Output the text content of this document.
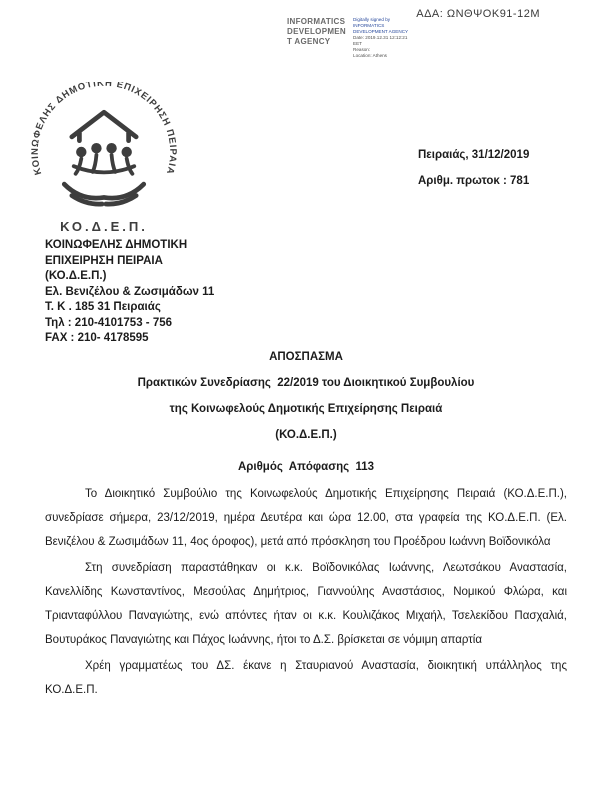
ΑΔΑ: ΩΝΘΨΟΚ91-12Μ
INFORMATICS
DEVELOPMEN
T AGENCY
Digitally signed by
INFORMATICS
DEVELOPMENT AGENCY
Date: 2019.12.31 12:12:21
EET
Reason:
Location: Athens
ΚΟΙΝΩΦΕΛΗΣ ΔΗΜΟΤΙΚΗ ΕΠΙΧΕΙΡΗΣΗ ΠΕΙΡΑΙΑ
ΚΟ.Δ.Ε.Π.
Πειραιάς, 31/12/2019
Αριθμ. πρωτοκ : 781
ΚΟΙΝΩΦΕΛΗΣ ΔΗΜΟΤΙΚΗ
ΕΠΙΧΕΙΡΗΣΗ ΠΕΙΡΑΙΑ
(ΚΟ.Δ.Ε.Π.)
Ελ. Βενιζέλου & Ζωσιμάδων 11
Τ. Κ . 185 31 Πειραιάς
Τηλ : 210-4101753 - 756
FAX : 210- 4178595
ΑΠΟΣΠΑΣΜΑ
Πρακτικών Συνεδρίασης  22/2019 του Διοικητικού Συμβουλίου
της Κοινωφελούς Δημοτικής Επιχείρησης Πειραιά
(ΚΟ.Δ.Ε.Π.)
Αριθμός  Απόφασης  113

Το Διοικητικό Συμβούλιο της Κοινωφελούς Δημοτικής Επιχείρησης Πειραιά (ΚΟ.Δ.Ε.Π.), συνεδρίασε σήμερα, 23/12/2019, ημέρα Δευτέρα και ώρα 12.00, στα γραφεία της ΚΟ.Δ.Ε.Π. (Ελ. Βενιζέλου & Ζωσιμάδων 11, 4ος όροφος), μετά από πρόσκληση του Προέδρου Ιωάννη Βοϊδονικόλα

Στη συνεδρίαση παραστάθηκαν οι κ.κ. Βοϊδονικόλας Ιωάννης, Λεωτσάκου Αναστασία, Κανελλίδης Κωνσταντίνος, Μεσούλας Δημήτριος, Γιαννούλης Αναστάσιος, Νομικού Φλώρα, και Τριανταφύλλου Παναγιώτης, ενώ απόντες ήταν οι κ.κ. Κουλιζάκος Μιχαήλ, Τσελεκίδου Πασχαλιά, Βουτυράκος Παναγιώτης και Πάχος Ιωάννης, ήτοι το Δ.Σ. βρίσκεται σε νόμιμη απαρτία

Χρέη γραμματέως του ΔΣ. έκανε η Σταυριανού Αναστασία, διοικητική υπάλληλος της ΚΟ.Δ.Ε.Π.
